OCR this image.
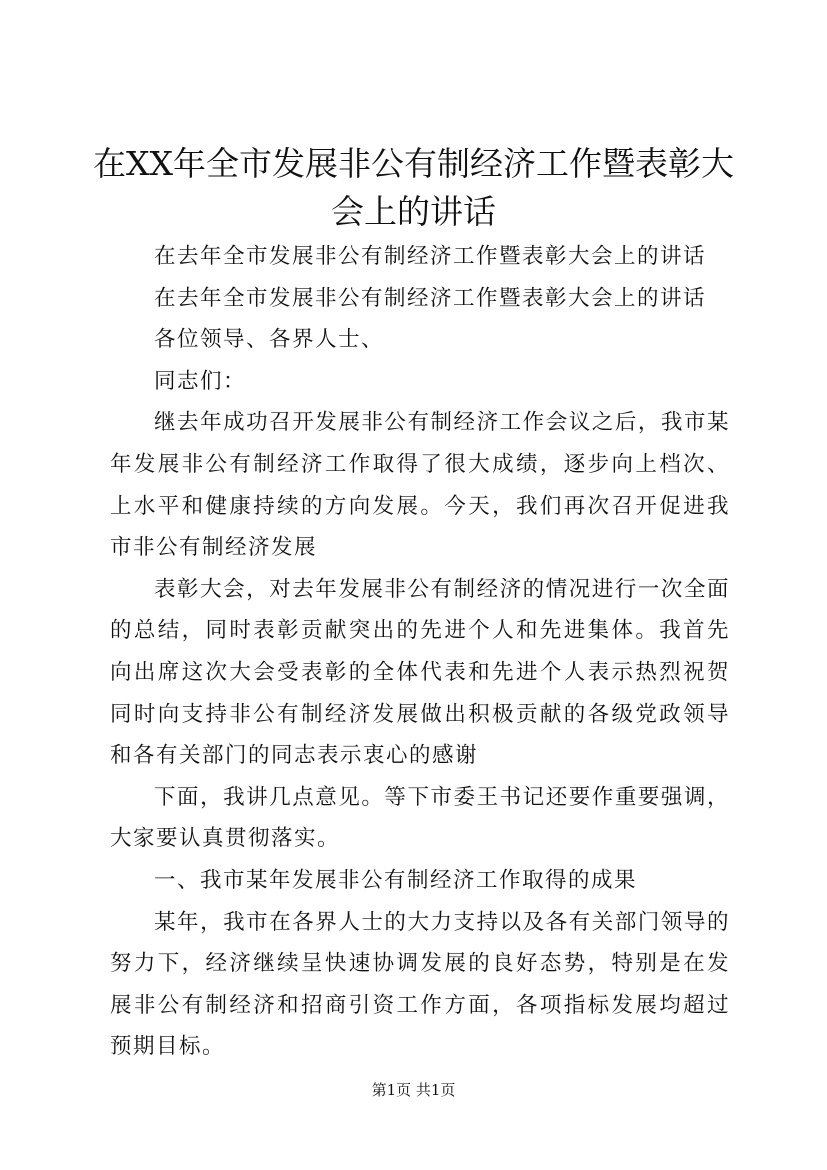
在XX年全市发展非公有制经济工作暨表彰大会上的讲话

在去年全市发展非公有制经济工作暨表彰大会上的讲话

在去年全市发展非公有制经济工作暨表彰大会上的讲话

各位领导、各界人士、

同志们：

继去年成功召开发展非公有制经济工作会议之后，我市某年发展非公有制经济工作取得了很大成绩，逐步向上档次、上水平和健康持续的方向发展。今天，我们再次召开促进我市非公有制经济发展

表彰大会，对去年发展非公有制经济的情况进行一次全面的总结，同时表彰贡献突出的先进个人和先进集体。我首先向出席这次大会受表彰的全体代表和先进个人表示热烈祝贺同时向支持非公有制经济发展做出积极贡献的各级党政领导和各有关部门的同志表示衷心的感谢

下面，我讲几点意见。等下市委王书记还要作重要强调，大家要认真贯彻落实。

一、我市某年发展非公有制经济工作取得的成果

某年，我市在各界人士的大力支持以及各有关部门领导的努力下，经济继续呈快速协调发展的良好态势，特别是在发展非公有制经济和招商引资工作方面，各项指标发展均超过预期目标。

第1页 共1页
